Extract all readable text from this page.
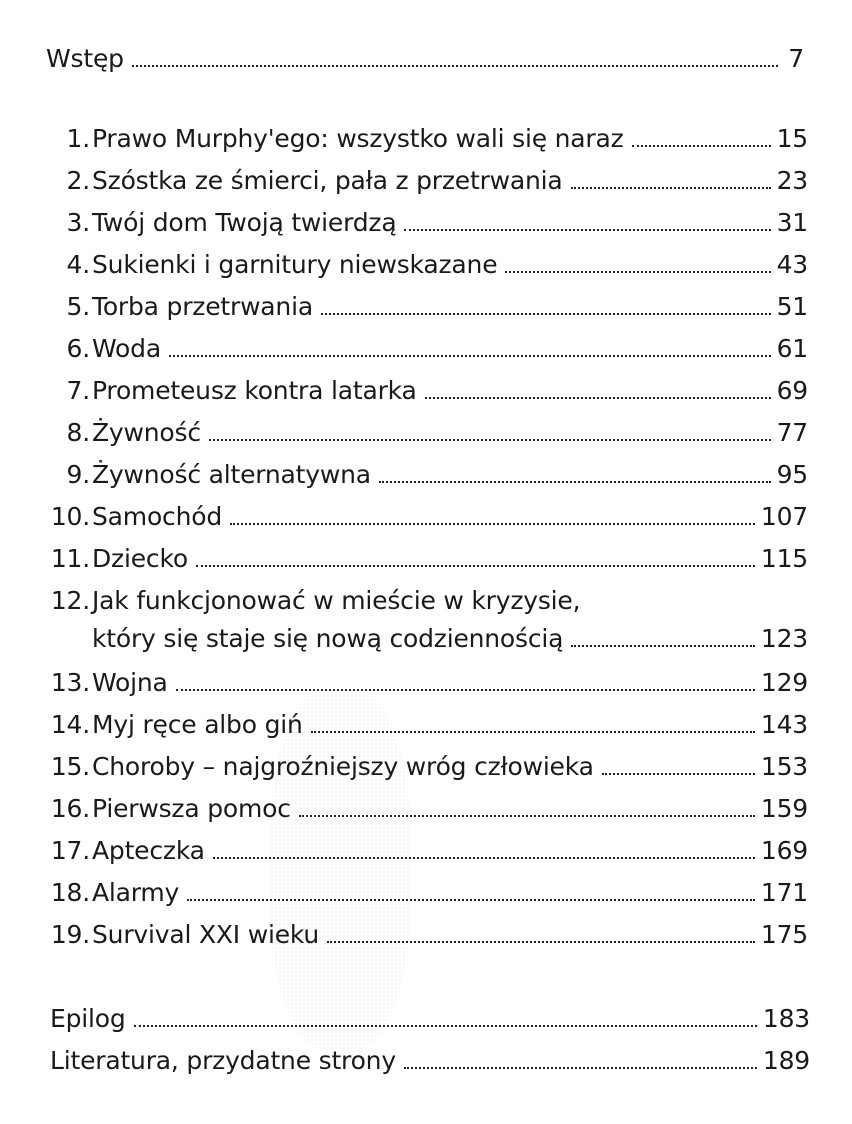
Wstęp	7
1. Prawo Murphy'ego: wszystko wali się naraz	15
2. Szóstka ze śmierci, pała z przetrwania	23
3. Twój dom Twoją twierdzą	31
4. Sukienki i garnitury niewskazane	43
5. Torba przetrwania	51
6. Woda	61
7. Prometeusz kontra latarka	69
8. Żywność	77
9. Żywność alternatywna	95
10. Samochód	107
11. Dziecko	115
12.Jak funkcjonować w mieście w kryzysie,
który się staje się nową codziennością	123
13. Wojna	129
14. Myj ręce albo giń	143
15. Choroby – najgroźniejszy wróg człowieka	153
16. Pierwsza pomoc	159
17. Apteczka	169
18. Alarmy	171
19. Survival XXI wieku	175
Epilog	183
Literatura, przydatne strony	189
